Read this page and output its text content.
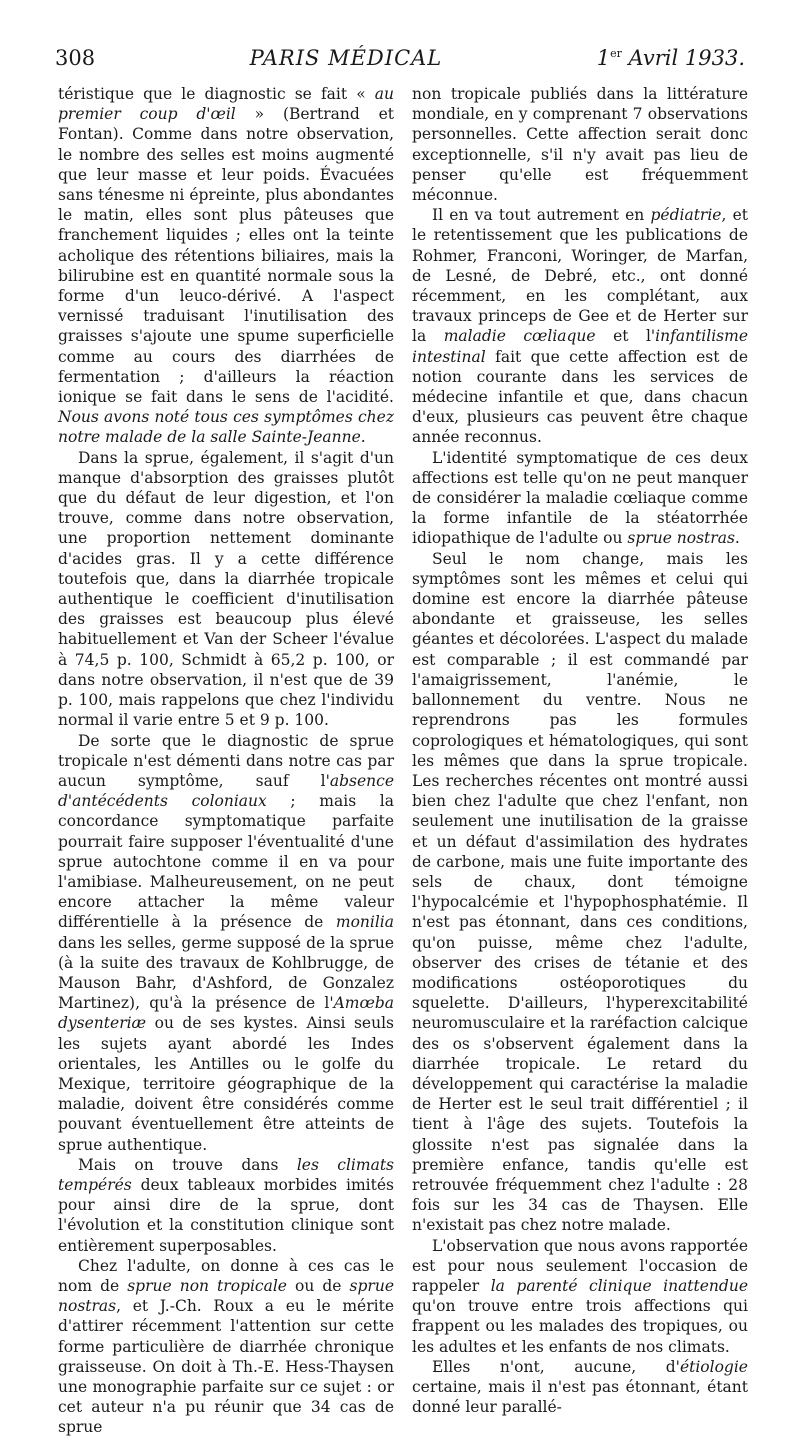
308	PARIS MÉDICAL	1er Avril 1933.

téristique que le diagnostic se fait « au premier coup d'œil » (Bertrand et Fontan). Comme dans notre observation, le nombre des selles est moins augmenté que leur masse et leur poids. Évacuées sans ténesme ni épreinte, plus abondantes le matin, elles sont plus pâteuses que franchement liquides ; elles ont la teinte acholique des rétentions biliaires, mais la bilirubine est en quantité normale sous la forme d'un leuco-dérivé. A l'aspect vernissé traduisant l'inutilisation des graisses s'ajoute une spume superficielle comme au cours des diarrhées de fermentation ; d'ailleurs la réaction ionique se fait dans le sens de l'acidité. Nous avons noté tous ces symptômes chez notre malade de la salle Sainte-Jeanne.

Dans la sprue, également, il s'agit d'un manque d'absorption des graisses plutôt que du défaut de leur digestion, et l'on trouve, comme dans notre observation, une proportion nettement dominante d'acides gras. Il y a cette différence toutefois que, dans la diarrhée tropicale authentique le coefficient d'inutilisation des graisses est beaucoup plus élevé habituellement et Van der Scheer l'évalue à 74,5 p. 100, Schmidt à 65,2 p. 100, or dans notre observation, il n'est que de 39 p. 100, mais rappelons que chez l'individu normal il varie entre 5 et 9 p. 100.

De sorte que le diagnostic de sprue tropicale n'est démenti dans notre cas par aucun symptôme, sauf l'absence d'antécédents coloniaux ; mais la concordance symptomatique parfaite pourrait faire supposer l'éventualité d'une sprue autochtone comme il en va pour l'amibiase. Malheureusement, on ne peut encore attacher la même valeur différentielle à la présence de monilia dans les selles, germe supposé de la sprue (à la suite des travaux de Kohlbrugge, de Mauson Bahr, d'Ashford, de Gonzalez Martinez), qu'à la présence de l'Amœba dysenteriæ ou de ses kystes. Ainsi seuls les sujets ayant abordé les Indes orientales, les Antilles ou le golfe du Mexique, territoire géographique de la maladie, doivent être considérés comme pouvant éventuellement être atteints de sprue authentique.

Mais on trouve dans les climats tempérés deux tableaux morbides imités pour ainsi dire de la sprue, dont l'évolution et la constitution clinique sont entièrement superposables.

Chez l'adulte, on donne à ces cas le nom de sprue non tropicale ou de sprue nostras, et J.-Ch. Roux a eu le mérite d'attirer récemment l'attention sur cette forme particulière de diarrhée chronique graisseuse. On doit à Th.-E. Hess-Thaysen une monographie parfaite sur ce sujet : or cet auteur n'a pu réunir que 34 cas de sprue

non tropicale publiés dans la littérature mondiale, en y comprenant 7 observations personnelles. Cette affection serait donc exceptionnelle, s'il n'y avait pas lieu de penser qu'elle est fréquemment méconnue.

Il en va tout autrement en pédiatrie, et le retentissement que les publications de Rohmer, Franconi, Woringer, de Marfan, de Lesné, de Debré, etc., ont donné récemment, en les complétant, aux travaux princeps de Gee et de Herter sur la maladie cœliaque et l'infantilisme intestinal fait que cette affection est de notion courante dans les services de médecine infantile et que, dans chacun d'eux, plusieurs cas peuvent être chaque année reconnus.

L'identité symptomatique de ces deux affections est telle qu'on ne peut manquer de considérer la maladie cœliaque comme la forme infantile de la stéatorrhée idiopathique de l'adulte ou sprue nostras.

Seul le nom change, mais les symptômes sont les mêmes et celui qui domine est encore la diarrhée pâteuse abondante et graisseuse, les selles géantes et décolorées. L'aspect du malade est comparable ; il est commandé par l'amaigrissement, l'anémie, le ballonnement du ventre. Nous ne reprendrons pas les formules coprologiques et hématologiques, qui sont les mêmes que dans la sprue tropicale. Les recherches récentes ont montré aussi bien chez l'adulte que chez l'enfant, non seulement une inutilisation de la graisse et un défaut d'assimilation des hydrates de carbone, mais une fuite importante des sels de chaux, dont témoigne l'hypocalcémie et l'hypophosphatémie. Il n'est pas étonnant, dans ces conditions, qu'on puisse, même chez l'adulte, observer des crises de tétanie et des modifications ostéoporotiques du squelette. D'ailleurs, l'hyperexcitabilité neuromusculaire et la raréfaction calcique des os s'observent également dans la diarrhée tropicale. Le retard du développement qui caractérise la maladie de Herter est le seul trait différentiel ; il tient à l'âge des sujets. Toutefois la glossite n'est pas signalée dans la première enfance, tandis qu'elle est retrouvée fréquemment chez l'adulte : 28 fois sur les 34 cas de Thaysen. Elle n'existait pas chez notre malade.

L'observation que nous avons rapportée est pour nous seulement l'occasion de rappeler la parenté clinique inattendue qu'on trouve entre trois affections qui frappent ou les malades des tropiques, ou les adultes et les enfants de nos climats.

Elles n'ont, aucune, d'étiologie certaine, mais il n'est pas étonnant, étant donné leur parallé-
